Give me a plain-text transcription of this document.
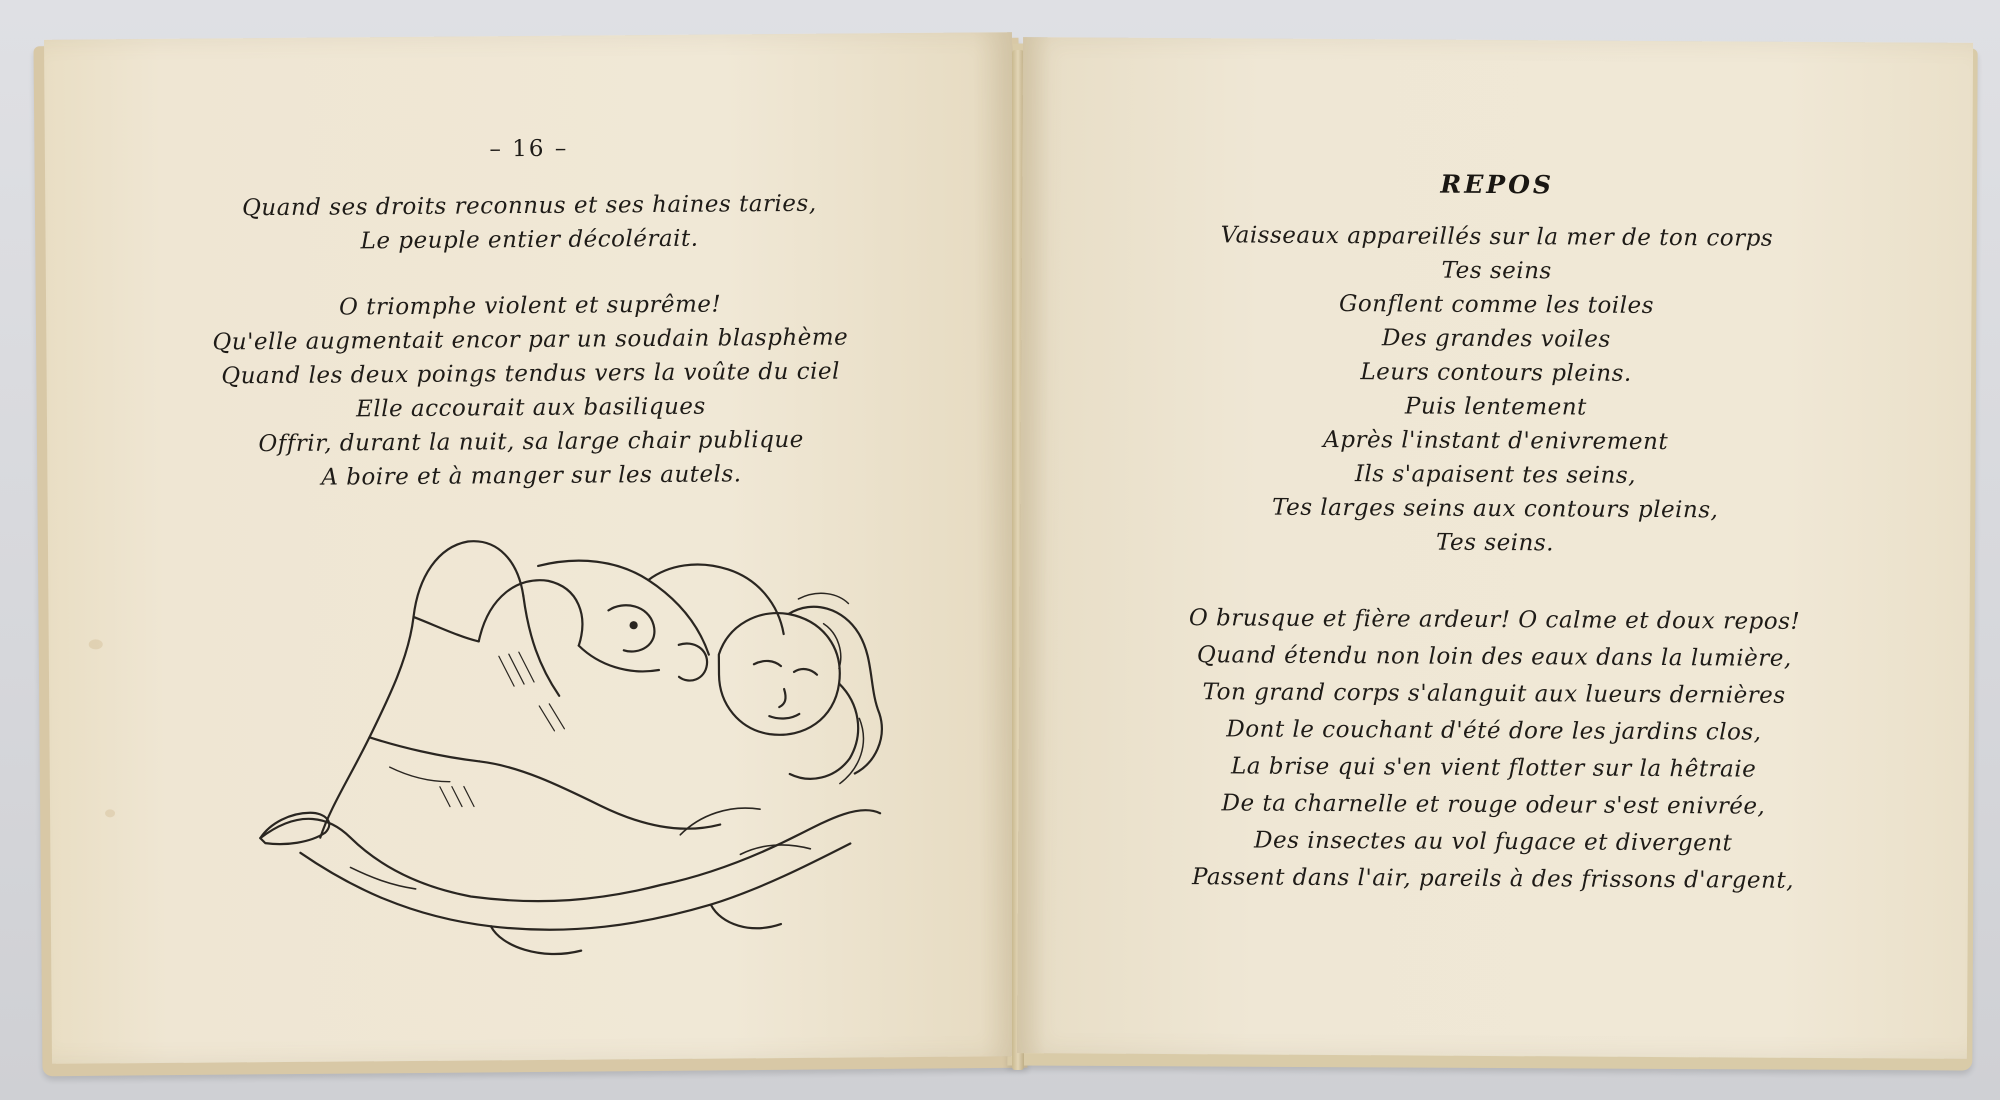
– 16 –
Quand ses droits reconnus et ses haines taries,
Le peuple entier décolérait.
O triomphe violent et suprême!
Qu'elle augmentait encor par un soudain blasphème
Quand les deux poings tendus vers la voûte du ciel
Elle accourait aux basiliques
Offrir, durant la nuit, sa large chair publique
A boire et à manger sur les autels.
REPOS
Vaisseaux appareillés sur la mer de ton corps
Tes seins
Gonflent comme les toiles
Des grandes voiles
Leurs contours pleins.
Puis lentement
Après l'instant d'enivrement
Ils s'apaisent tes seins,
Tes larges seins aux contours pleins,
Tes seins.
O brusque et fière ardeur! O calme et doux repos!
Quand étendu non loin des eaux dans la lumière,
Ton grand corps s'alanguit aux lueurs dernières
Dont le couchant d'été dore les jardins clos,
La brise qui s'en vient flotter sur la hêtraie
De ta charnelle et rouge odeur s'est enivrée,
Des insectes au vol fugace et divergent
Passent dans l'air, pareils à des frissons d'argent,
